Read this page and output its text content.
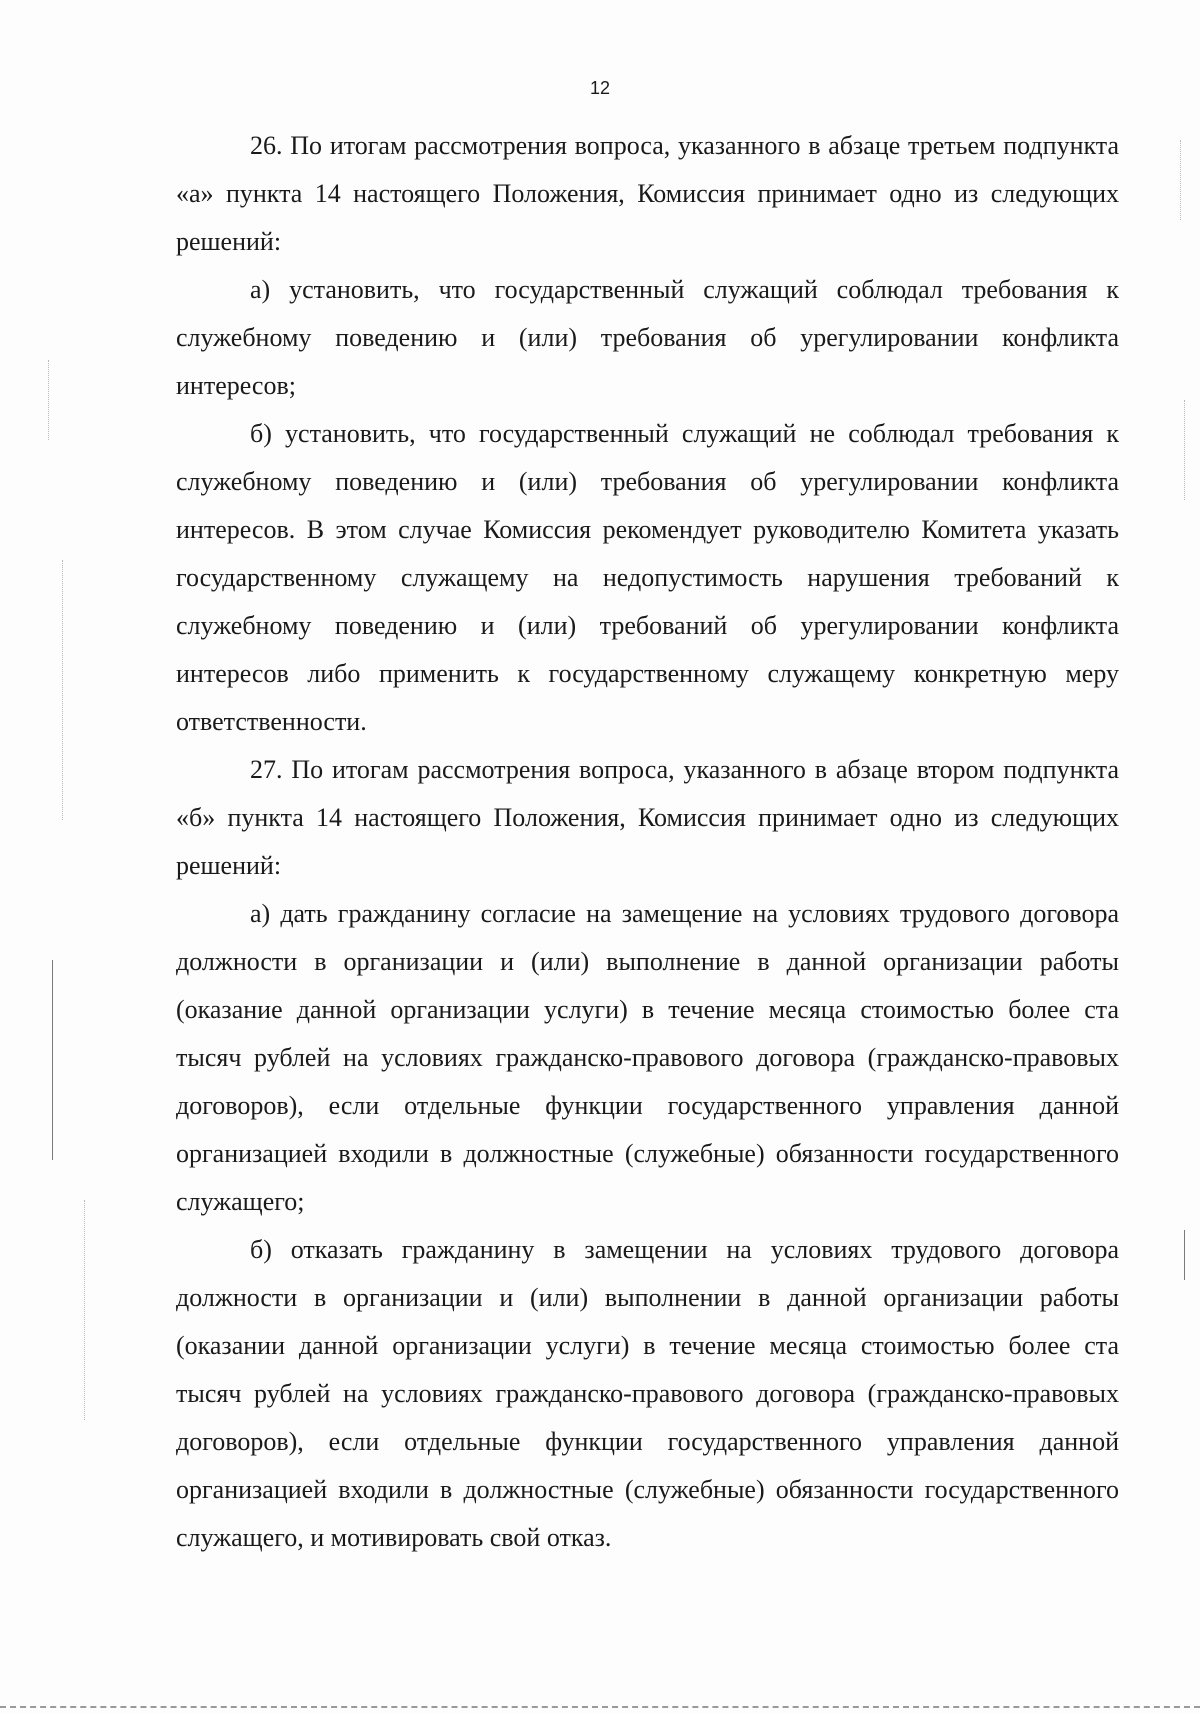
12

26. По итогам рассмотрения вопроса, указанного в абзаце третьем подпункта «а» пункта 14 настоящего Положения, Комиссия принимает одно из следующих решений:

а) установить, что государственный служащий соблюдал требования к служебному поведению и (или) требования об урегулировании конфликта интересов;

б) установить, что государственный служащий не соблюдал требования к служебному поведению и (или) требования об урегулировании конфликта интересов. В этом случае Комиссия рекомендует руководителю Комитета указать государственному служащему на недопустимость нарушения требований к служебному поведению и (или) требований об урегулировании конфликта интересов либо применить к государственному служащему конкретную меру ответственности.

27. По итогам рассмотрения вопроса, указанного в абзаце втором подпункта «б» пункта 14 настоящего Положения, Комиссия принимает одно из следующих решений:

а) дать гражданину согласие на замещение на условиях трудового договора должности в организации и (или) выполнение в данной организации работы (оказание данной организации услуги) в течение месяца стоимостью более ста тысяч рублей на условиях гражданско-правового договора (гражданско-правовых договоров), если отдельные функции государственного управления данной организацией входили в должностные (служебные) обязанности государственного служащего;

б) отказать гражданину в замещении на условиях трудового договора должности в организации и (или) выполнении в данной организации работы (оказании данной организации услуги) в течение месяца стоимостью более ста тысяч рублей на условиях гражданско-правового договора (гражданско-правовых договоров), если отдельные функции государственного управления данной организацией входили в должностные (служебные) обязанности государственного служащего, и мотивировать свой отказ.
